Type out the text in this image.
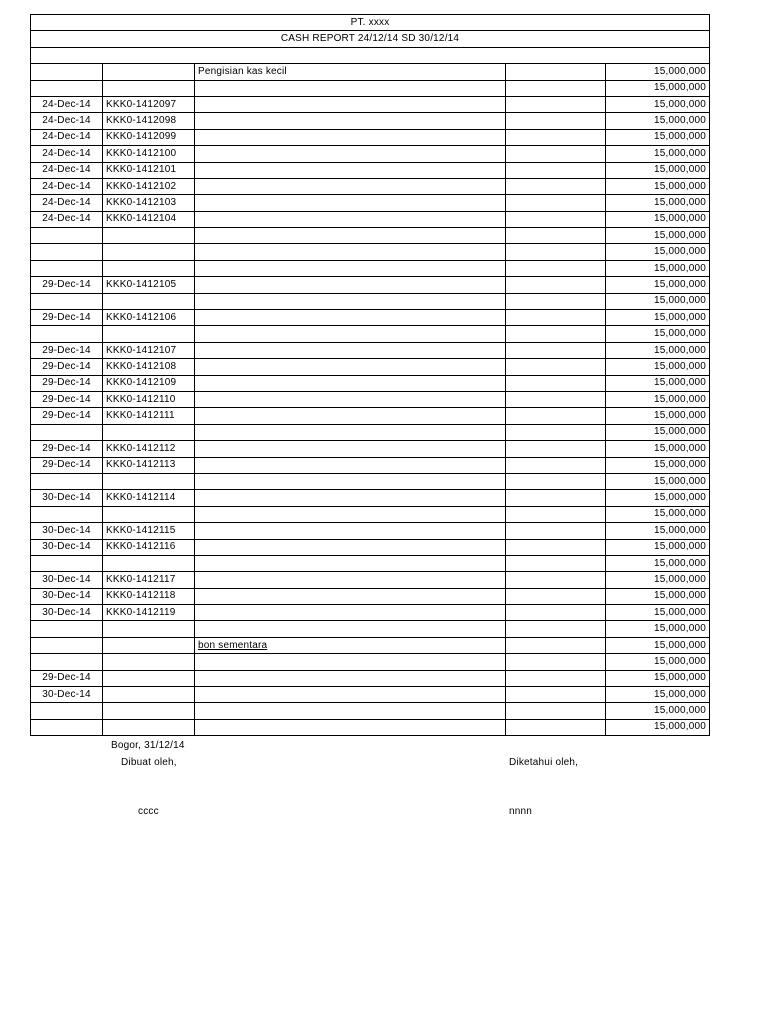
PT. xxxx				
CASH REPORT 24/12/14 SD 30/12/14				

		Pengisian kas kecil		15,000,000
				15,000,000
24-Dec-14	KKK0-1412097			15,000,000
24-Dec-14	KKK0-1412098			15,000,000
24-Dec-14	KKK0-1412099			15,000,000
24-Dec-14	KKK0-1412100			15,000,000
24-Dec-14	KKK0-1412101			15,000,000
24-Dec-14	KKK0-1412102			15,000,000
24-Dec-14	KKK0-1412103			15,000,000
24-Dec-14	KKK0-1412104			15,000,000
				15,000,000
				15,000,000
				15,000,000
29-Dec-14	KKK0-1412105			15,000,000
				15,000,000
29-Dec-14	KKK0-1412106			15,000,000
				15,000,000
29-Dec-14	KKK0-1412107			15,000,000
29-Dec-14	KKK0-1412108			15,000,000
29-Dec-14	KKK0-1412109			15,000,000
29-Dec-14	KKK0-1412110			15,000,000
29-Dec-14	KKK0-1412111			15,000,000
				15,000,000
29-Dec-14	KKK0-1412112			15,000,000
29-Dec-14	KKK0-1412113			15,000,000
				15,000,000
30-Dec-14	KKK0-1412114			15,000,000
				15,000,000
30-Dec-14	KKK0-1412115			15,000,000
30-Dec-14	KKK0-1412116			15,000,000
				15,000,000
30-Dec-14	KKK0-1412117			15,000,000
30-Dec-14	KKK0-1412118			15,000,000
30-Dec-14	KKK0-1412119			15,000,000
				15,000,000
		bon sementara		15,000,000
				15,000,000
29-Dec-14				15,000,000
30-Dec-14				15,000,000
				15,000,000
				15,000,000
Bogor, 31/12/14
Dibuat oleh,	Diketahui oleh,
cccc	nnnn
